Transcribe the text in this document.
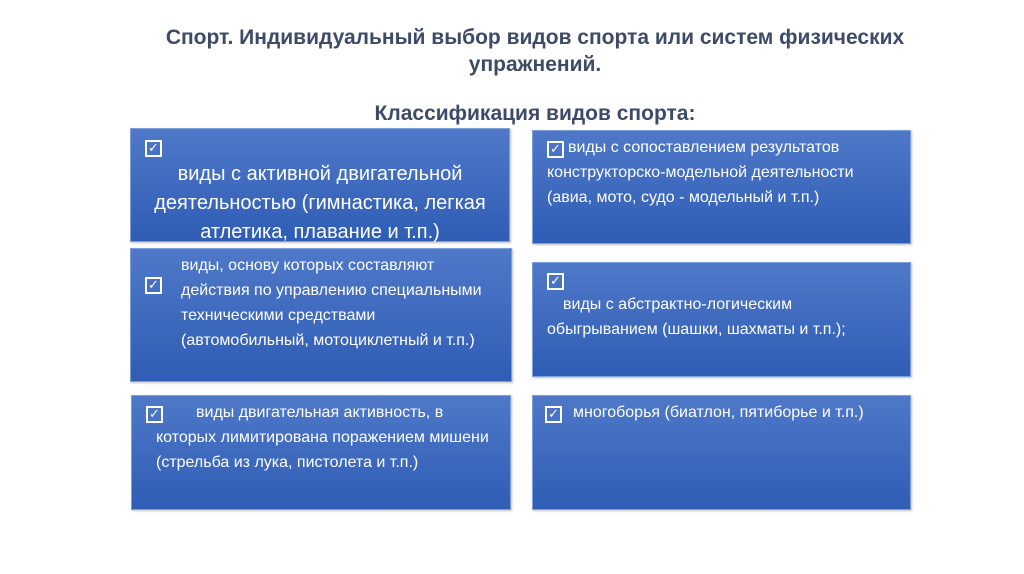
Спорт. Индивидуальный выбор видов спорта или систем физических упражнений.
Классификация видов спорта:
✓
виды с активной двигательной деятельностью (гимнастика, легкая атлетика, плавание и т.п.)
✓ виды с сопоставлением результатов конструкторско-модельной деятельности (авиа, мото, судо - модельный и т.п.)
✓
виды, основу которых составляют действия по управлению специальными техническими средствами (автомобильный, мотоциклетный и т.п.)
✓
виды с абстрактно-логическим обыгрыванием (шашки, шахматы и т.п.);
✓	виды двигательная активность, в которых лимитирована поражением мишени (стрельба из лука, пистолета и т.п.)
✓ многоборья (биатлон, пятиборье и т.п.)
